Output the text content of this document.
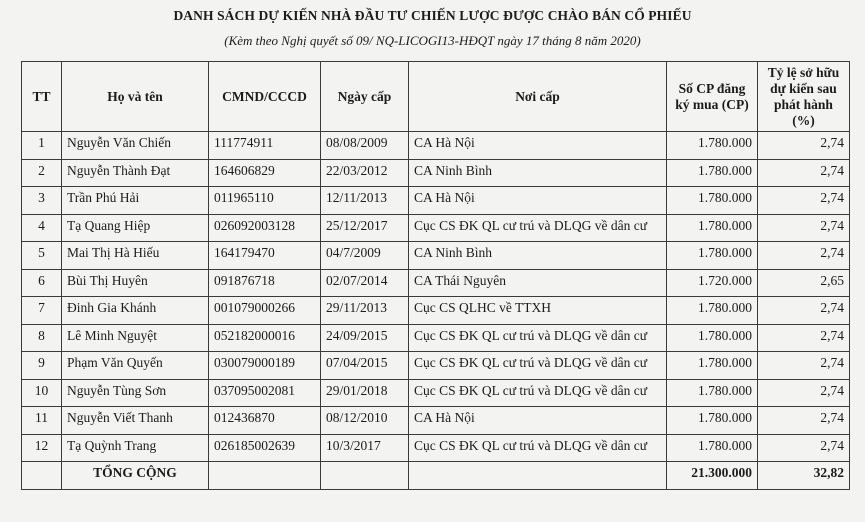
DANH SÁCH DỰ KIẾN NHÀ ĐẦU TƯ CHIẾN LƯỢC ĐƯỢC CHÀO BÁN CỔ PHIẾU
(Kèm theo Nghị quyết số 09/ NQ-LICOGI13-HĐQT ngày 17 tháng 8 năm 2020)
TT	Họ và tên	CMND/CCCD	Ngày cấp	Nơi cấp	Số CP đăng ký mua (CP)	Tỷ lệ sở hữu dự kiến sau phát hành (%)
1	Nguyễn Văn Chiến	111774911	08/08/2009	CA Hà Nội	1.780.000	2,74
2	Nguyễn Thành Đạt	164606829	22/03/2012	CA Ninh Bình	1.780.000	2,74
3	Trần Phú Hải	011965110	12/11/2013	CA Hà Nội	1.780.000	2,74
4	Tạ Quang Hiệp	026092003128	25/12/2017	Cục CS ĐK QL cư trú và DLQG về dân cư	1.780.000	2,74
5	Mai Thị Hà Hiếu	164179470	04/7/2009	CA Ninh Bình	1.780.000	2,74
6	Bùi Thị Huyên	091876718	02/07/2014	CA Thái Nguyên	1.720.000	2,65
7	Đinh Gia Khánh	001079000266	29/11/2013	Cục CS QLHC về TTXH	1.780.000	2,74
8	Lê Minh Nguyệt	052182000016	24/09/2015	Cục CS ĐK QL cư trú và DLQG về dân cư	1.780.000	2,74
9	Phạm Văn Quyến	030079000189	07/04/2015	Cục CS ĐK QL cư trú và DLQG về dân cư	1.780.000	2,74
10	Nguyễn Tùng Sơn	037095002081	29/01/2018	Cục CS ĐK QL cư trú và DLQG về dân cư	1.780.000	2,74
11	Nguyễn Viết Thanh	012436870	08/12/2010	CA Hà Nội	1.780.000	2,74
12	Tạ Quỳnh Trang	026185002639	10/3/2017	Cục CS ĐK QL cư trú và DLQG về dân cư	1.780.000	2,74
	TỔNG CỘNG				21.300.000	32,82
